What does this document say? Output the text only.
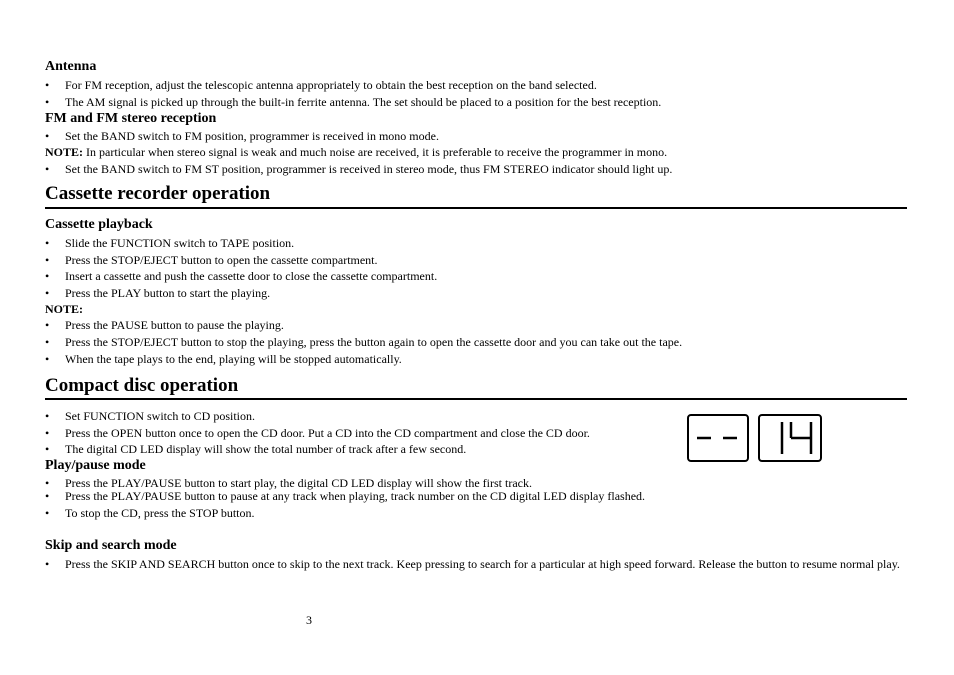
Antenna
•	For FM reception, adjust the telescopic antenna appropriately to obtain the best reception on the band selected.
•	The AM signal is picked up through the built-in ferrite antenna. The set should be placed to a position for the best reception.
FM and FM stereo reception
•	Set the BAND switch to FM position, programmer is received in mono mode.
NOTE: In particular when stereo signal is weak and much noise are received, it is preferable to receive the programmer in mono.
•	Set the BAND switch to FM ST position, programmer is received in stereo mode, thus FM STEREO indicator should light up.
Cassette recorder operation
Cassette playback
•	Slide the FUNCTION switch to TAPE position.
•	Press the STOP/EJECT button to open the cassette compartment.
•	Insert a cassette and push the cassette door to close the cassette compartment.
•	Press the PLAY button to start the playing.
NOTE:
•	Press the PAUSE button to pause the playing.
•	Press the STOP/EJECT button to stop the playing, press the button again to open the cassette door and you can take out the tape.
•	When the tape plays to the end, playing will be stopped automatically.
Compact disc operation
•	Set FUNCTION switch to CD position.
•	Press the OPEN button once to open the CD door. Put a CD into the CD compartment and close the CD door.
•	The digital CD LED display will show the total number of track after a few second.
Play/pause mode
•	Press the PLAY/PAUSE button to start play, the digital CD LED display will show the first track.
•	Press the PLAY/PAUSE button to pause at any track when playing, track number on the CD digital LED display flashed.
•	To stop the CD, press the STOP button.
Skip and search mode
•	Press the SKIP AND SEARCH button once to skip to the next track. Keep pressing to search for a particular at high speed forward. Release the button to resume normal play.
3
